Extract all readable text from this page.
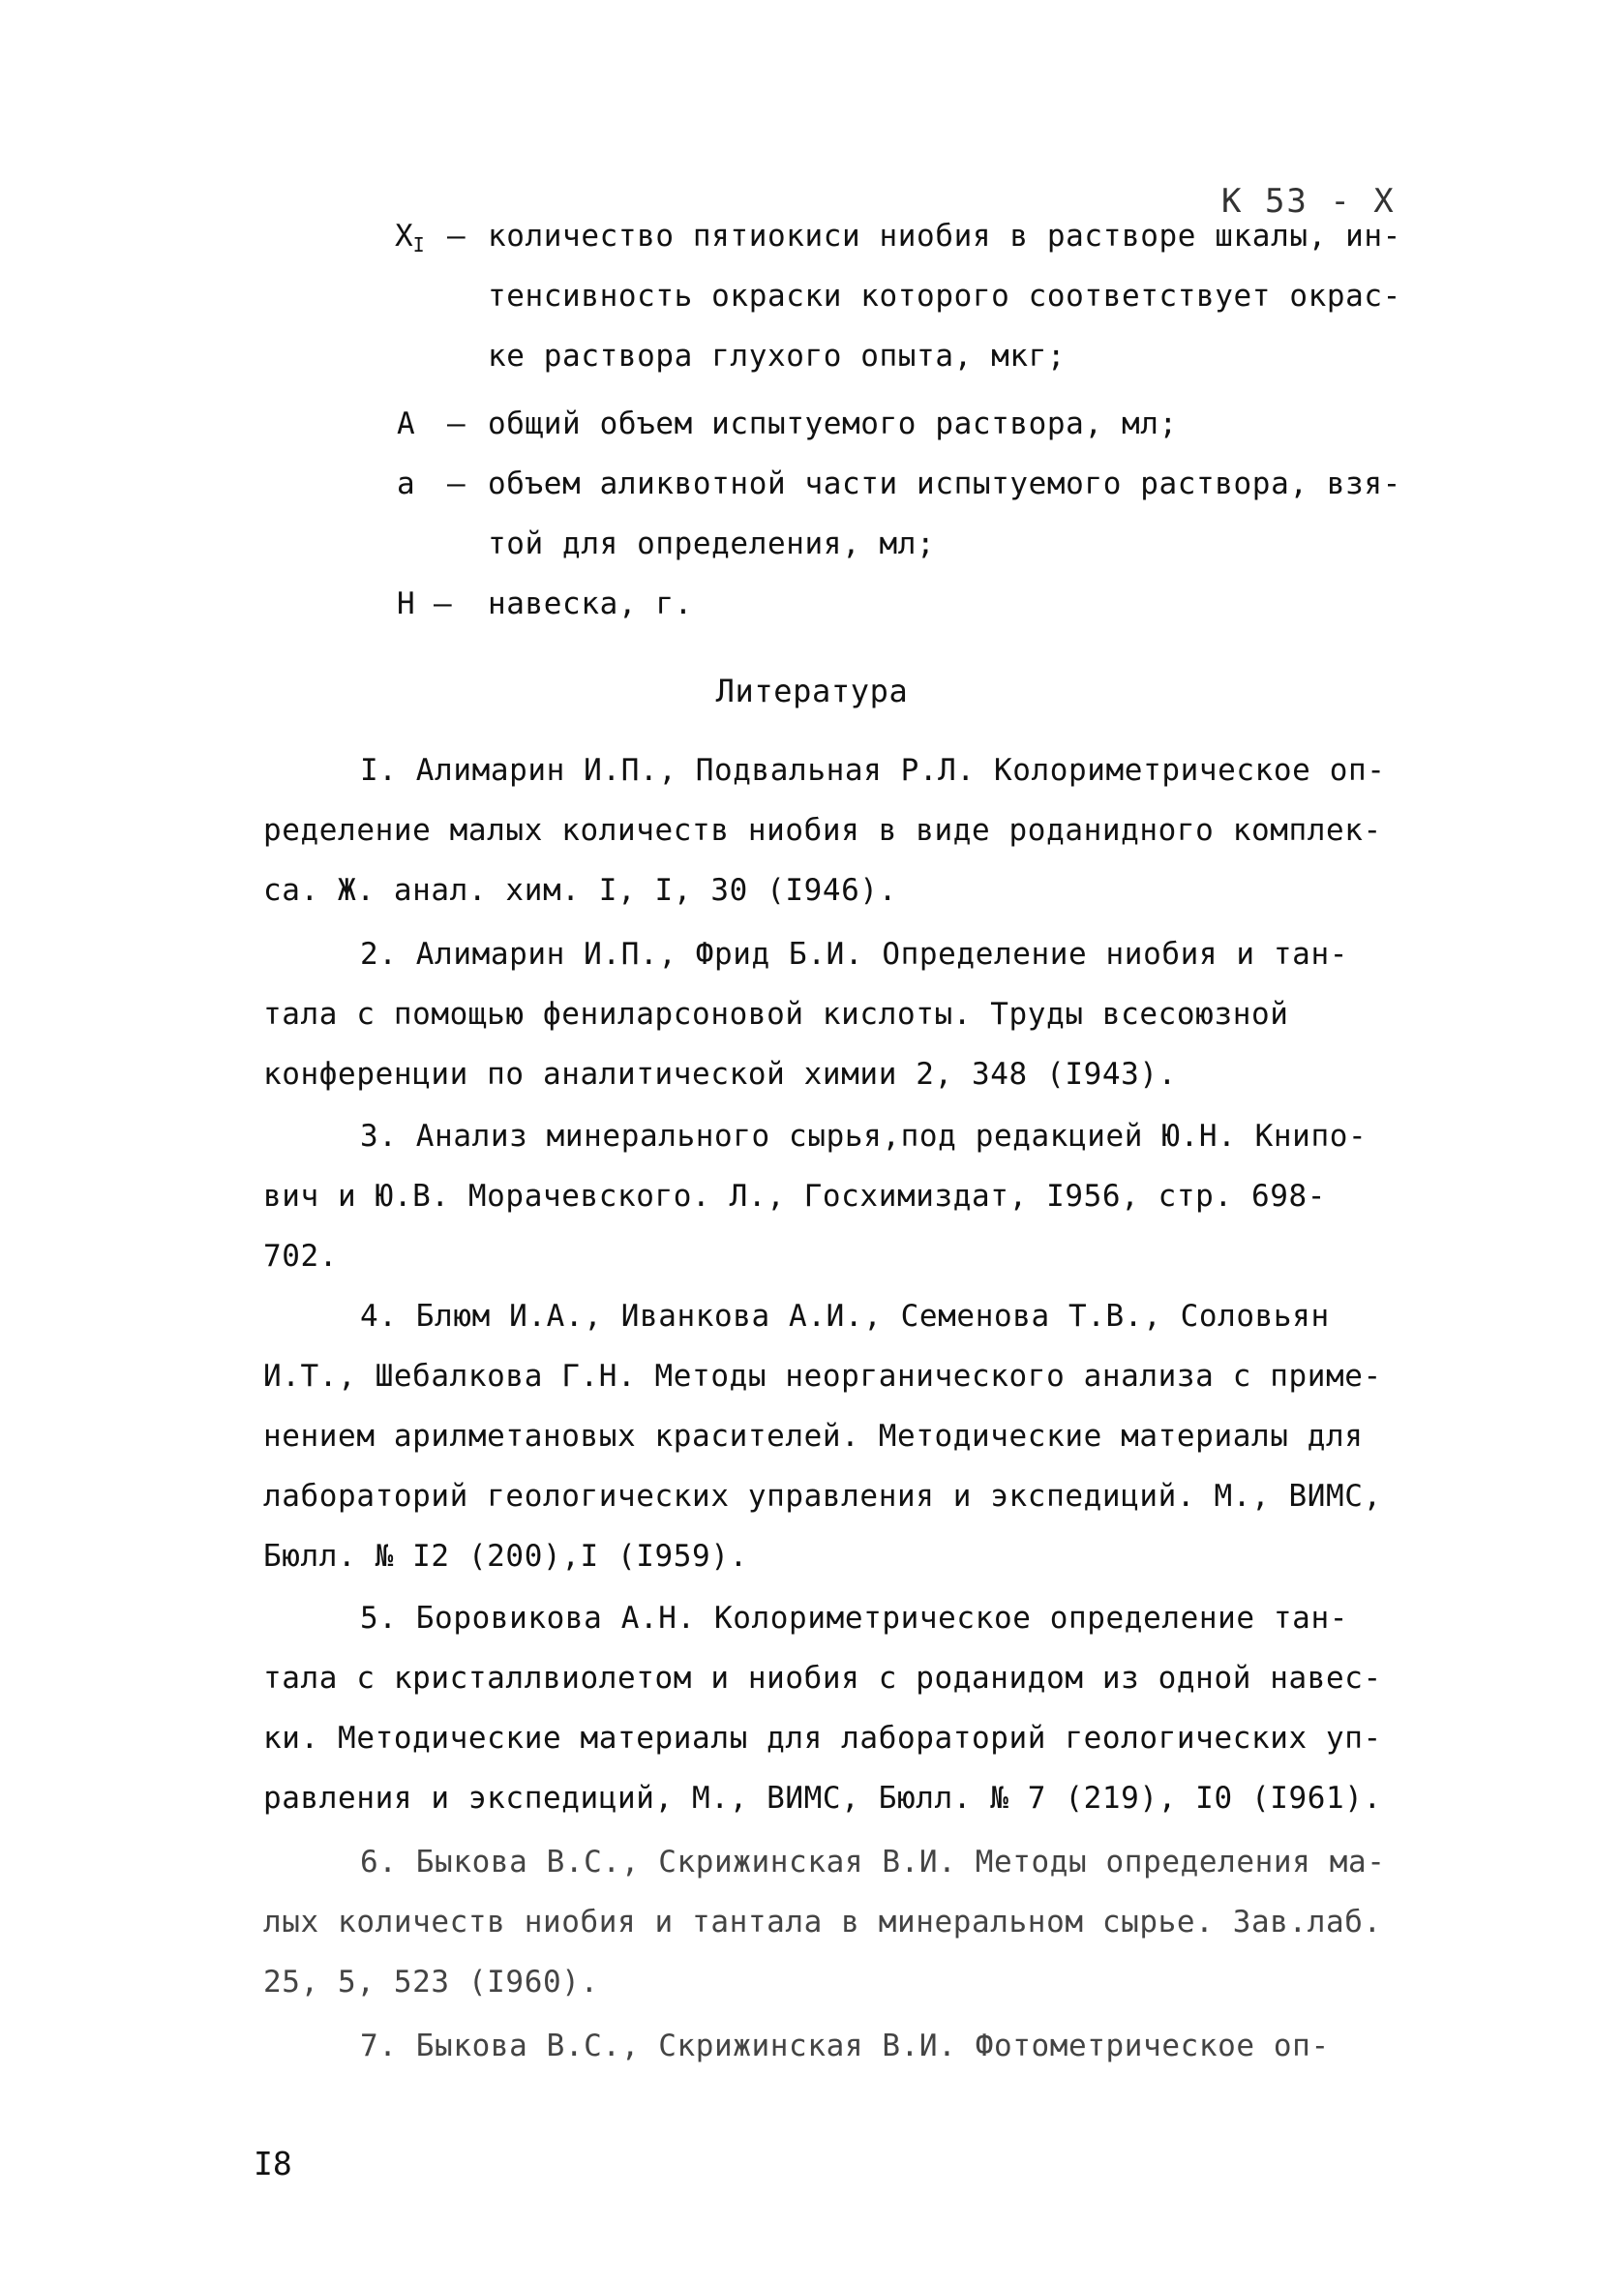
К 53 - Х
$X_I$ – количество пятиокиси ниобия в растворе шкалы, ин-
тенсивность окраски которого соответствует окрас-
ке раствора глухого опыта, мкг;
А – общий объем испытуемого раствора, мл;
а – объем аликвотной части испытуемого раствора, взя-
той для определения, мл;
Н – навеска, г.
Литература
I. Алимарин И.П., Подвальная Р.Л. Колориметрическое оп-
ределение малых количеств ниобия в виде роданидного комплек-
са. Ж. анал. хим. I, I, 30 (I946).
2. Алимарин И.П., Фрид Б.И. Определение ниобия и тан-
тала с помощью фениларсоновой кислоты. Труды всесоюзной
конференции по аналитической химии 2, 348 (I943).
3. Анализ минерального сырья,под редакцией Ю.Н. Книпо-
вич и Ю.В. Морачевского. Л., Госхимиздат, I956, стр. 698-
702.
4. Блюм И.А., Иванкова А.И., Семенова Т.В., Соловьян
И.Т., Шебалкова Г.Н. Методы неорганического анализа с приме-
нением арилметановых красителей. Методические материалы для
лабораторий геологических управления и экспедиций. М., ВИМС,
Бюлл. № I2 (200),I (I959).
5. Боровикова А.Н. Колориметрическое определение тан-
тала с кристаллвиолетом и ниобия с роданидом из одной навес-
ки. Методические материалы для лабораторий геологических уп-
равления и экспедиций, М., ВИМС, Бюлл. № 7 (219), I0 (I961).
6. Быкова В.С., Скрижинская В.И. Методы определения ма-
лых количеств ниобия и тантала в минеральном сырье. Зав.лаб.
25, 5, 523 (I960).
7. Быкова В.С., Скрижинская В.И. Фотометрическое оп-
I8
